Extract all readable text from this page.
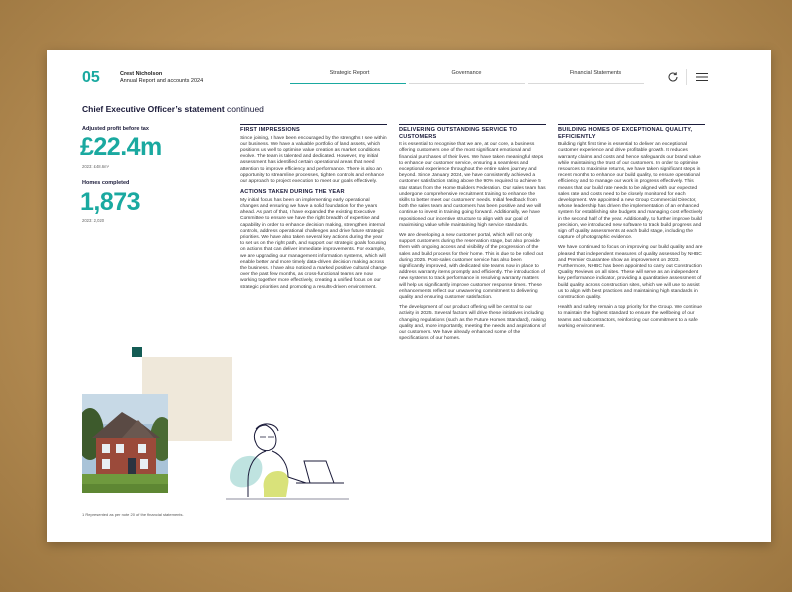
05	Crest Nicholson
Annual Report and accounts 2024
Strategic Report	Governance	Financial Statements
Chief Executive Officer’s statement continued
Adjusted profit before tax
£22.4m
2023: £48.6m¹
Homes completed
1,873
2023: 2,020
FIRST IMPRESSIONS

Since joining, I have been encouraged by the strengths I see within our business. We have a valuable portfolio of land assets, which positions us well to optimise value creation as market conditions evolve. The team is talented and dedicated. However, my initial assessment has identified certain operational areas that need attention to improve efficiency and performance. There is also an opportunity to streamline processes, tighten controls and enhance our approach to project execution to meet our goals effectively.

ACTIONS TAKEN DURING THE YEAR

My initial focus has been on implementing early operational changes and ensuring we have a solid foundation for the years ahead. As part of that, I have expanded the existing Executive Committee to ensure we have the right breadth of expertise and capability in order to enhance decision making, strengthen internal controls, address operational challenges and drive future strategic priorities. We have also taken several key actions during the year to set us on the right path, and support our strategic goals focusing on actions that can deliver immediate improvements. For example, we are upgrading our management information systems, which will enable better and more timely data-driven decision making across the business. I have also noticed a marked positive cultural change over the past few months, as cross-functional teams are now working together more effectively, creating a unified focus on our strategic priorities and promoting a results-driven environment.

DELIVERING OUTSTANDING SERVICE TO CUSTOMERS

It is essential to recognise that we are, at our core, a business offering customers one of the most significant emotional and financial purchases of their lives. We have taken meaningful steps to enhance our customer service, ensuring a seamless and exceptional experience throughout the entire sales journey and beyond. Since January 2024, we have consistently achieved a customer satisfaction rating above the 90% required to achieve 5 star status from the Home Builders Federation. Our sales team has undergone comprehensive recruitment training to enhance the skills to better meet our customers’ needs. Initial feedback from both the sales team and customers has been positive and we will continue to invest in training going forward. Additionally, we have repositioned our incentive structure to align with our goal of maximising value while maintaining high service standards.

We are developing a new customer portal, which will not only support customers during the reservation stage, but also provide them with ongoing access and visibility of the progression of the sales and build process for their home. This is due to be rolled out during 2025. Post-sales customer service has also been significantly improved, with dedicated site teams now in place to address warranty items promptly and efficiently. The introduction of new systems to track performance in resolving warranty matters will help us significantly improve customer response times. These enhancements reflect our unwavering commitment to delivering quality and ensuring customer satisfaction.

The development of our product offering will be central to our activity in 2025. Several factors will drive these initiatives including changing regulations (such as the Future Homes Standard), raising quality and, more importantly, meeting the needs and aspirations of our customers. We have already enhanced some of the specifications of our homes.

BUILDING HOMES OF EXCEPTIONAL QUALITY, EFFICIENTLY

Building right first time is essential to deliver an exceptional customer experience and drive profitable growth. It reduces warranty claims and costs and hence safeguards our brand value while maintaining the trust of our customers. In order to optimise resources to maximise returns, we have taken significant steps in recent months to enhance our build quality, to ensure operational efficiency and to manage our work in progress effectively. This means that our build rate needs to be aligned with our expected sales rate and costs need to be closely monitored for each development. We appointed a new Group Commercial Director, whose leadership has driven the implementation of an enhanced system for establishing site budgets and managing cost effectively in the second half of the year. Additionally, to further improve build precision, we introduced new software to track build progress and sign off quality assessments at each build stage, including the capture of photographic evidence.

We have continued to focus on improving our build quality and are pleased that independent measures of quality assessed by NHBC and Premier Guarantee show an improvement on 2023. Furthermore, NHBC has been appointed to carry out Construction Quality Reviews on all sites. These will serve as an independent key performance indicator, providing a quantitative assessment of build quality across construction sites, which we will use to assist us to align with best practices and maintaining high standards in construction quality.

Health and safety remain a top priority for the Group. We continue to maintain the highest standard to ensure the wellbeing of our teams and subcontractors, reinforcing our commitment to a safe working environment.

1 Represented as per note 20 of the financial statements.
